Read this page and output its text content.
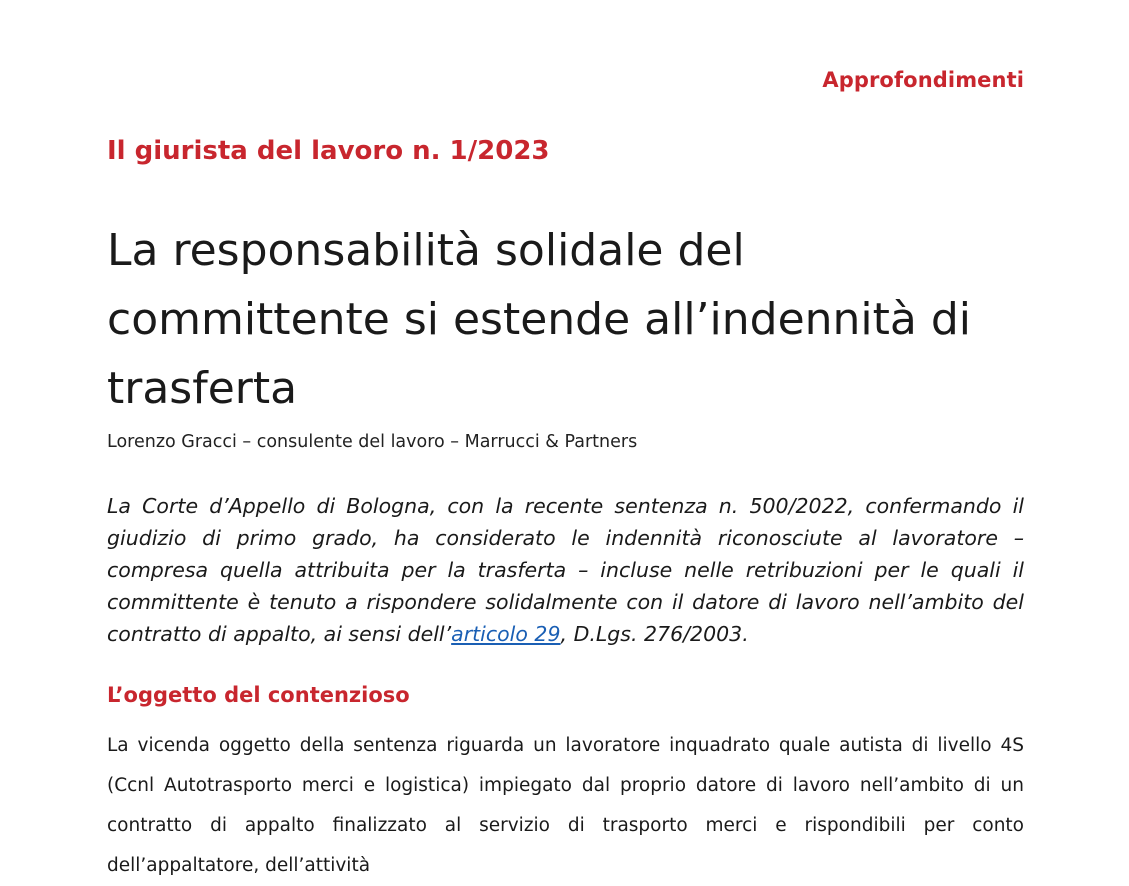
Approfondimenti
Il giurista del lavoro n. 1/2023
La responsabilità solidale del committente si estende all’indennità di trasferta
Lorenzo Gracci – consulente del lavoro – Marrucci & Partners

La Corte d’Appello di Bologna, con la recente sentenza n. 500/2022, confermando il giudizio di primo grado, ha considerato le indennità riconosciute al lavoratore – compresa quella attribuita per la trasferta – incluse nelle retribuzioni per le quali il committente è tenuto a rispondere solidalmente con il datore di lavoro nell’ambito del contratto di appalto, ai sensi dell’articolo 29, D.Lgs. 276/2003.

L’oggetto del contenzioso

La vicenda oggetto della sentenza riguarda un lavoratore inquadrato quale autista di livello 4S (Ccnl Autotrasporto merci e logistica) impiegato dal proprio datore di lavoro nell’ambito di un contratto di appalto finalizzato al servizio di trasporto merci e rispondibili per conto dell’appaltatore, dell’attività
